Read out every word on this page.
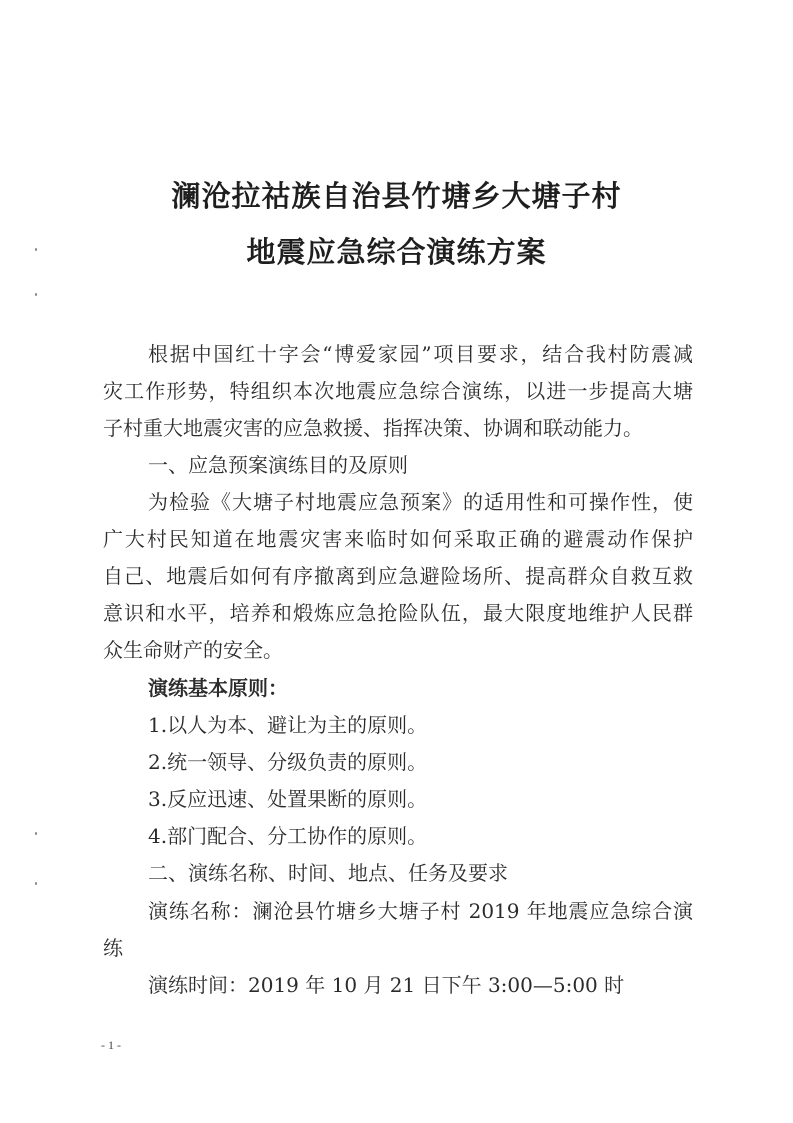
澜沧拉祜族自治县竹塘乡大塘子村
地震应急综合演练方案
根据中国红十字会“博爱家园”项目要求，结合我村防震减
灾工作形势，特组织本次地震应急综合演练，以进一步提高大塘
子村重大地震灾害的应急救援、指挥决策、协调和联动能力。
一、应急预案演练目的及原则
为检验《大塘子村地震应急预案》的适用性和可操作性，使
广大村民知道在地震灾害来临时如何采取正确的避震动作保护
自己、地震后如何有序撤离到应急避险场所、提高群众自救互救
意识和水平，培养和煅炼应急抢险队伍，最大限度地维护人民群
众生命财产的安全。
演练基本原则：
1.以人为本、避让为主的原则。
2.统一领导、分级负责的原则。
3.反应迅速、处置果断的原则。
4.部门配合、分工协作的原则。
二、演练名称、时间、地点、任务及要求
演练名称：澜沧县竹塘乡大塘子村 2019 年地震应急综合演
练
演练时间：2019 年 10 月 21 日下午 3:00—5:00 时
- 1 -
